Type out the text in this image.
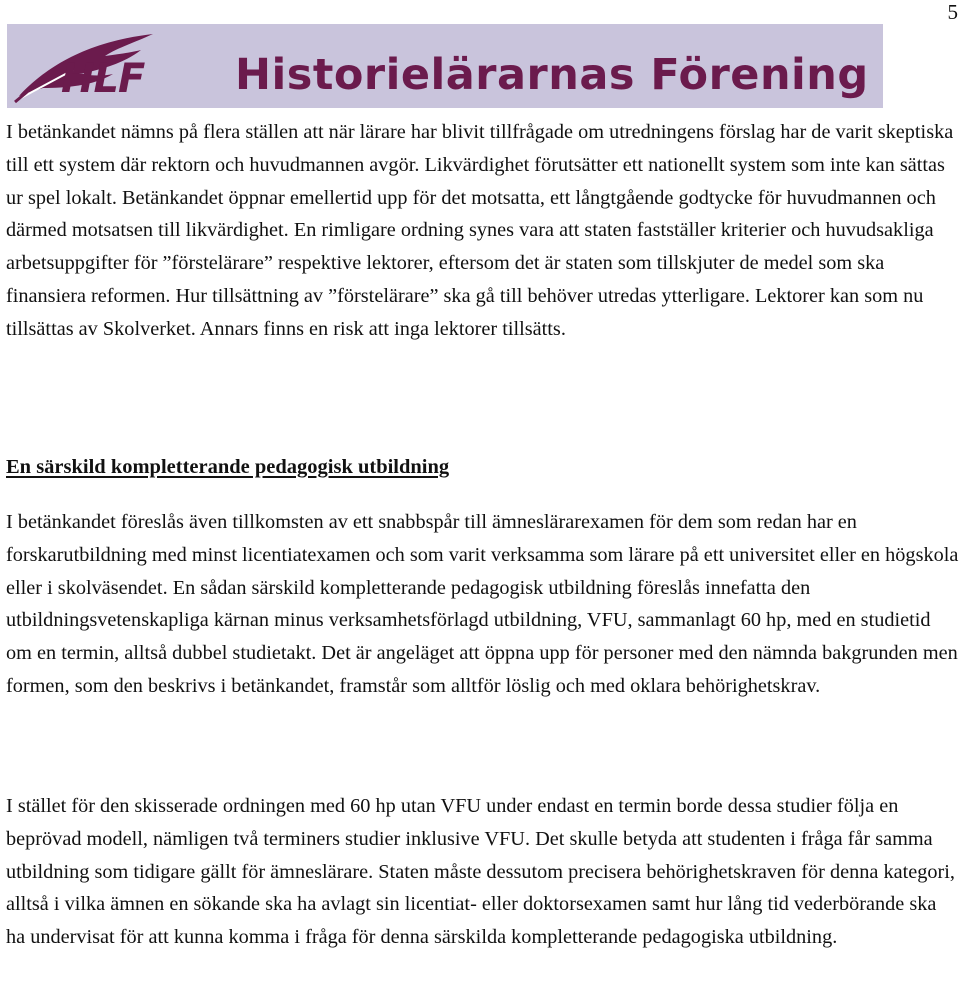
5
HLF Historielärarnas Förening

I betänkandet nämns på flera ställen att när lärare har blivit tillfrågade om utredningens förslag har de varit skeptiska till ett system där rektorn och huvudmannen avgör. Likvärdighet förutsätter ett nationellt system som inte kan sättas ur spel lokalt. Betänkandet öppnar emellertid upp för det motsatta, ett långtgående godtycke för huvudmannen och därmed motsatsen till likvärdighet. En rimligare ordning synes vara att staten fastställer kriterier och huvudsakliga arbetsuppgifter för ”förstelärare” respektive lektorer, eftersom det är staten som tillskjuter de medel som ska finansiera reformen. Hur tillsättning av ”förstelärare” ska gå till behöver utredas ytterligare. Lektorer kan som nu tillsättas av Skolverket. Annars finns en risk att inga lektorer tillsätts.

En särskild kompletterande pedagogisk utbildning

I betänkandet föreslås även tillkomsten av ett snabbspår till ämneslärarexamen för dem som redan har en forskarutbildning med minst licentiatexamen och som varit verksamma som lärare på ett universitet eller en högskola eller i skolväsendet. En sådan särskild kompletterande pedagogisk utbildning föreslås innefatta den utbildningsvetenskapliga kärnan minus verksamhetsförlagd utbildning, VFU, sammanlagt 60 hp, med en studietid om en termin, alltså dubbel studietakt. Det är angeläget att öppna upp för personer med den nämnda bakgrunden men formen, som den beskrivs i betänkandet, framstår som alltför löslig och med oklara behörighetskrav.

I stället för den skisserade ordningen med 60 hp utan VFU under endast en termin borde dessa studier följa en beprövad modell, nämligen två terminers studier inklusive VFU. Det skulle betyda att studenten i fråga får samma utbildning som tidigare gällt för ämneslärare. Staten måste dessutom precisera behörighetskraven för denna kategori, alltså i vilka ämnen en sökande ska ha avlagt sin licentiat- eller doktorsexamen samt hur lång tid vederbörande ska ha undervisat för att kunna komma i fråga för denna särskilda kompletterande pedagogiska utbildning.
